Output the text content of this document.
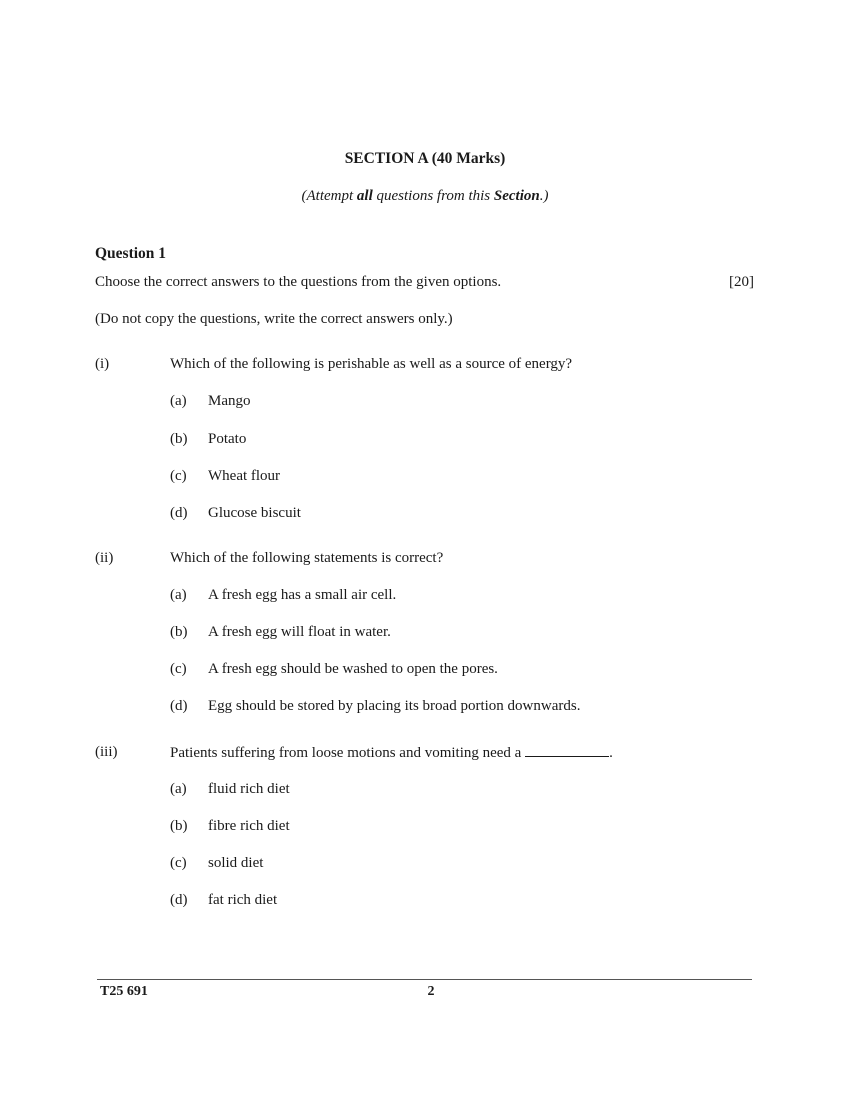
SECTION A (40 Marks)
(Attempt all questions from this Section.)
Question 1
Choose the correct answers to the questions from the given options.	[20]
(Do not copy the questions, write the correct answers only.)
(i)	Which of the following is perishable as well as a source of energy?
(a) Mango
(b) Potato
(c) Wheat flour
(d) Glucose biscuit
(ii)	Which of the following statements is correct?
(a) A fresh egg has a small air cell.
(b) A fresh egg will float in water.
(c) A fresh egg should be washed to open the pores.
(d) Egg should be stored by placing its broad portion downwards.
(iii)	Patients suffering from loose motions and vomiting need a	.
(a) fluid rich diet
(b) fibre rich diet
(c) solid diet
(d) fat rich diet
T25 691	2
